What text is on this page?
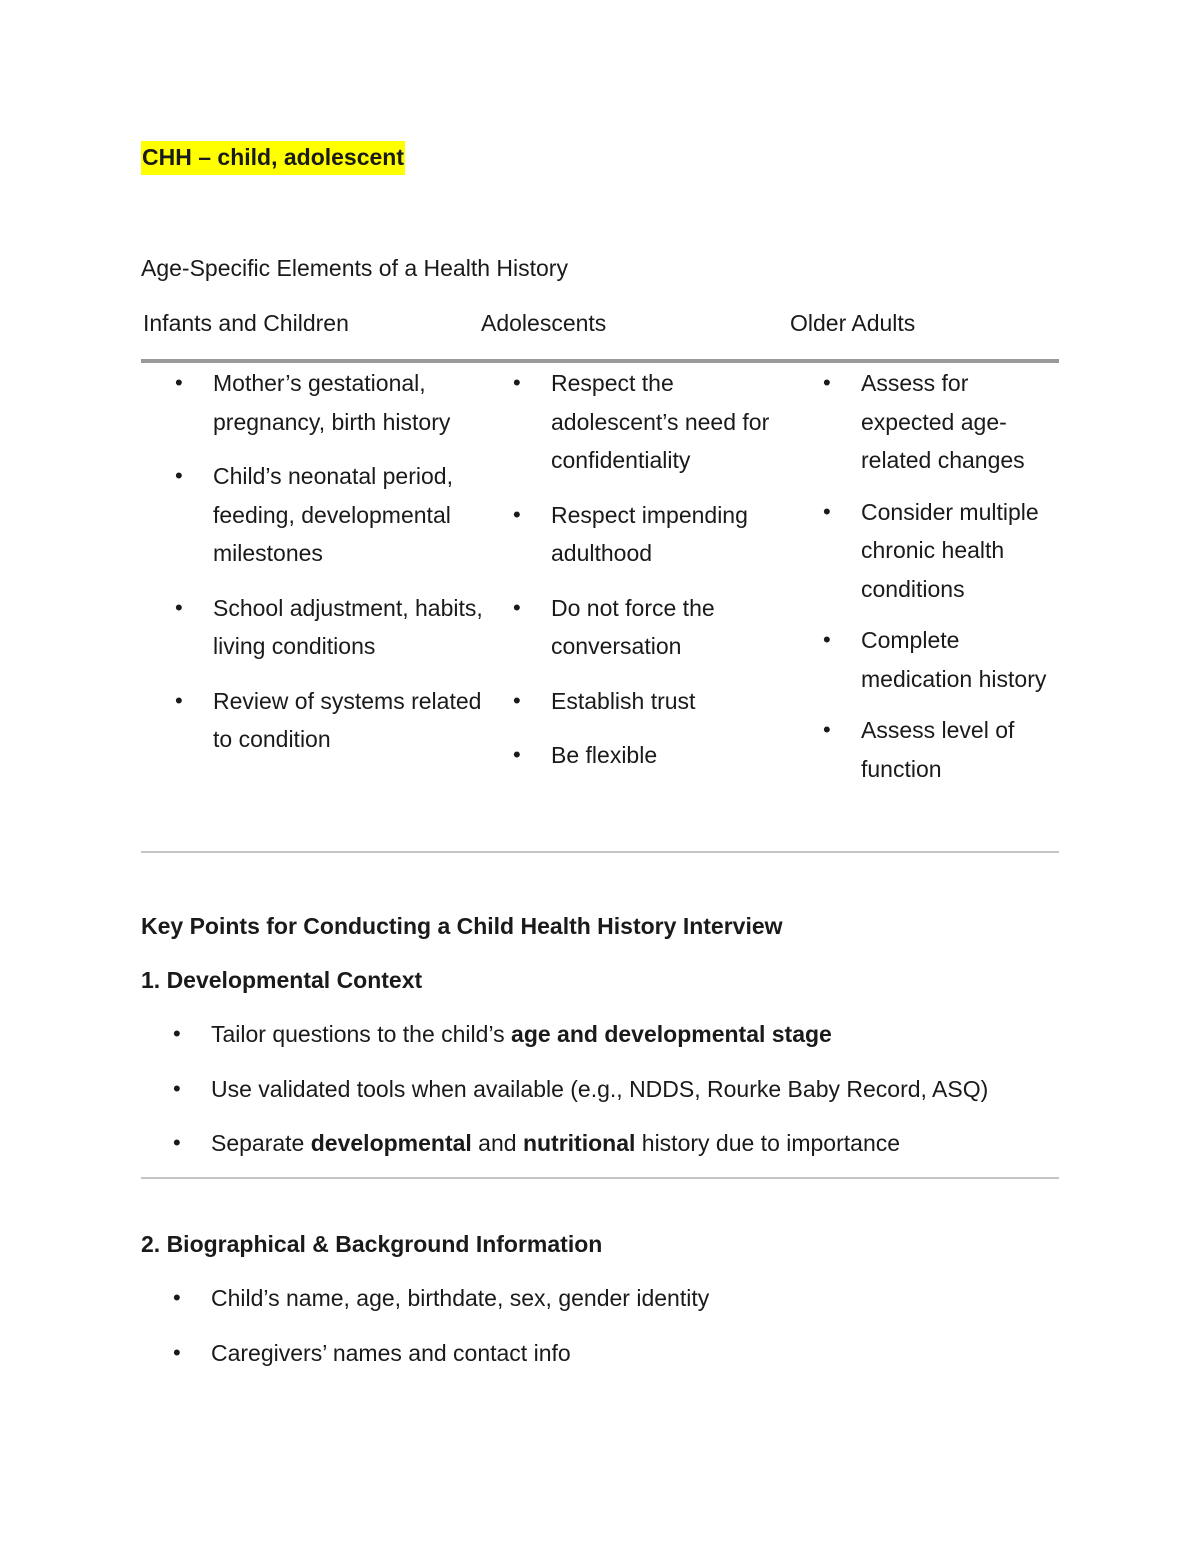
CHH – child, adolescent
Age-Specific Elements of a Health History
Infants and Children	Adolescents	Older Adults
• Mother’s gestational, pregnancy, birth history
• Child’s neonatal period, feeding, developmental milestones
• School adjustment, habits, living conditions
• Review of systems related to condition
• Respect the adolescent’s need for confidentiality
• Respect impending adulthood
• Do not force the conversation
• Establish trust
• Be flexible
• Assess for expected age-related changes
• Consider multiple chronic health conditions
• Complete medication history
• Assess level of function
Key Points for Conducting a Child Health History Interview
1. Developmental Context
• Tailor questions to the child’s age and developmental stage
• Use validated tools when available (e.g., NDDS, Rourke Baby Record, ASQ)
• Separate developmental and nutritional history due to importance
2. Biographical & Background Information
• Child’s name, age, birthdate, sex, gender identity
• Caregivers’ names and contact info
